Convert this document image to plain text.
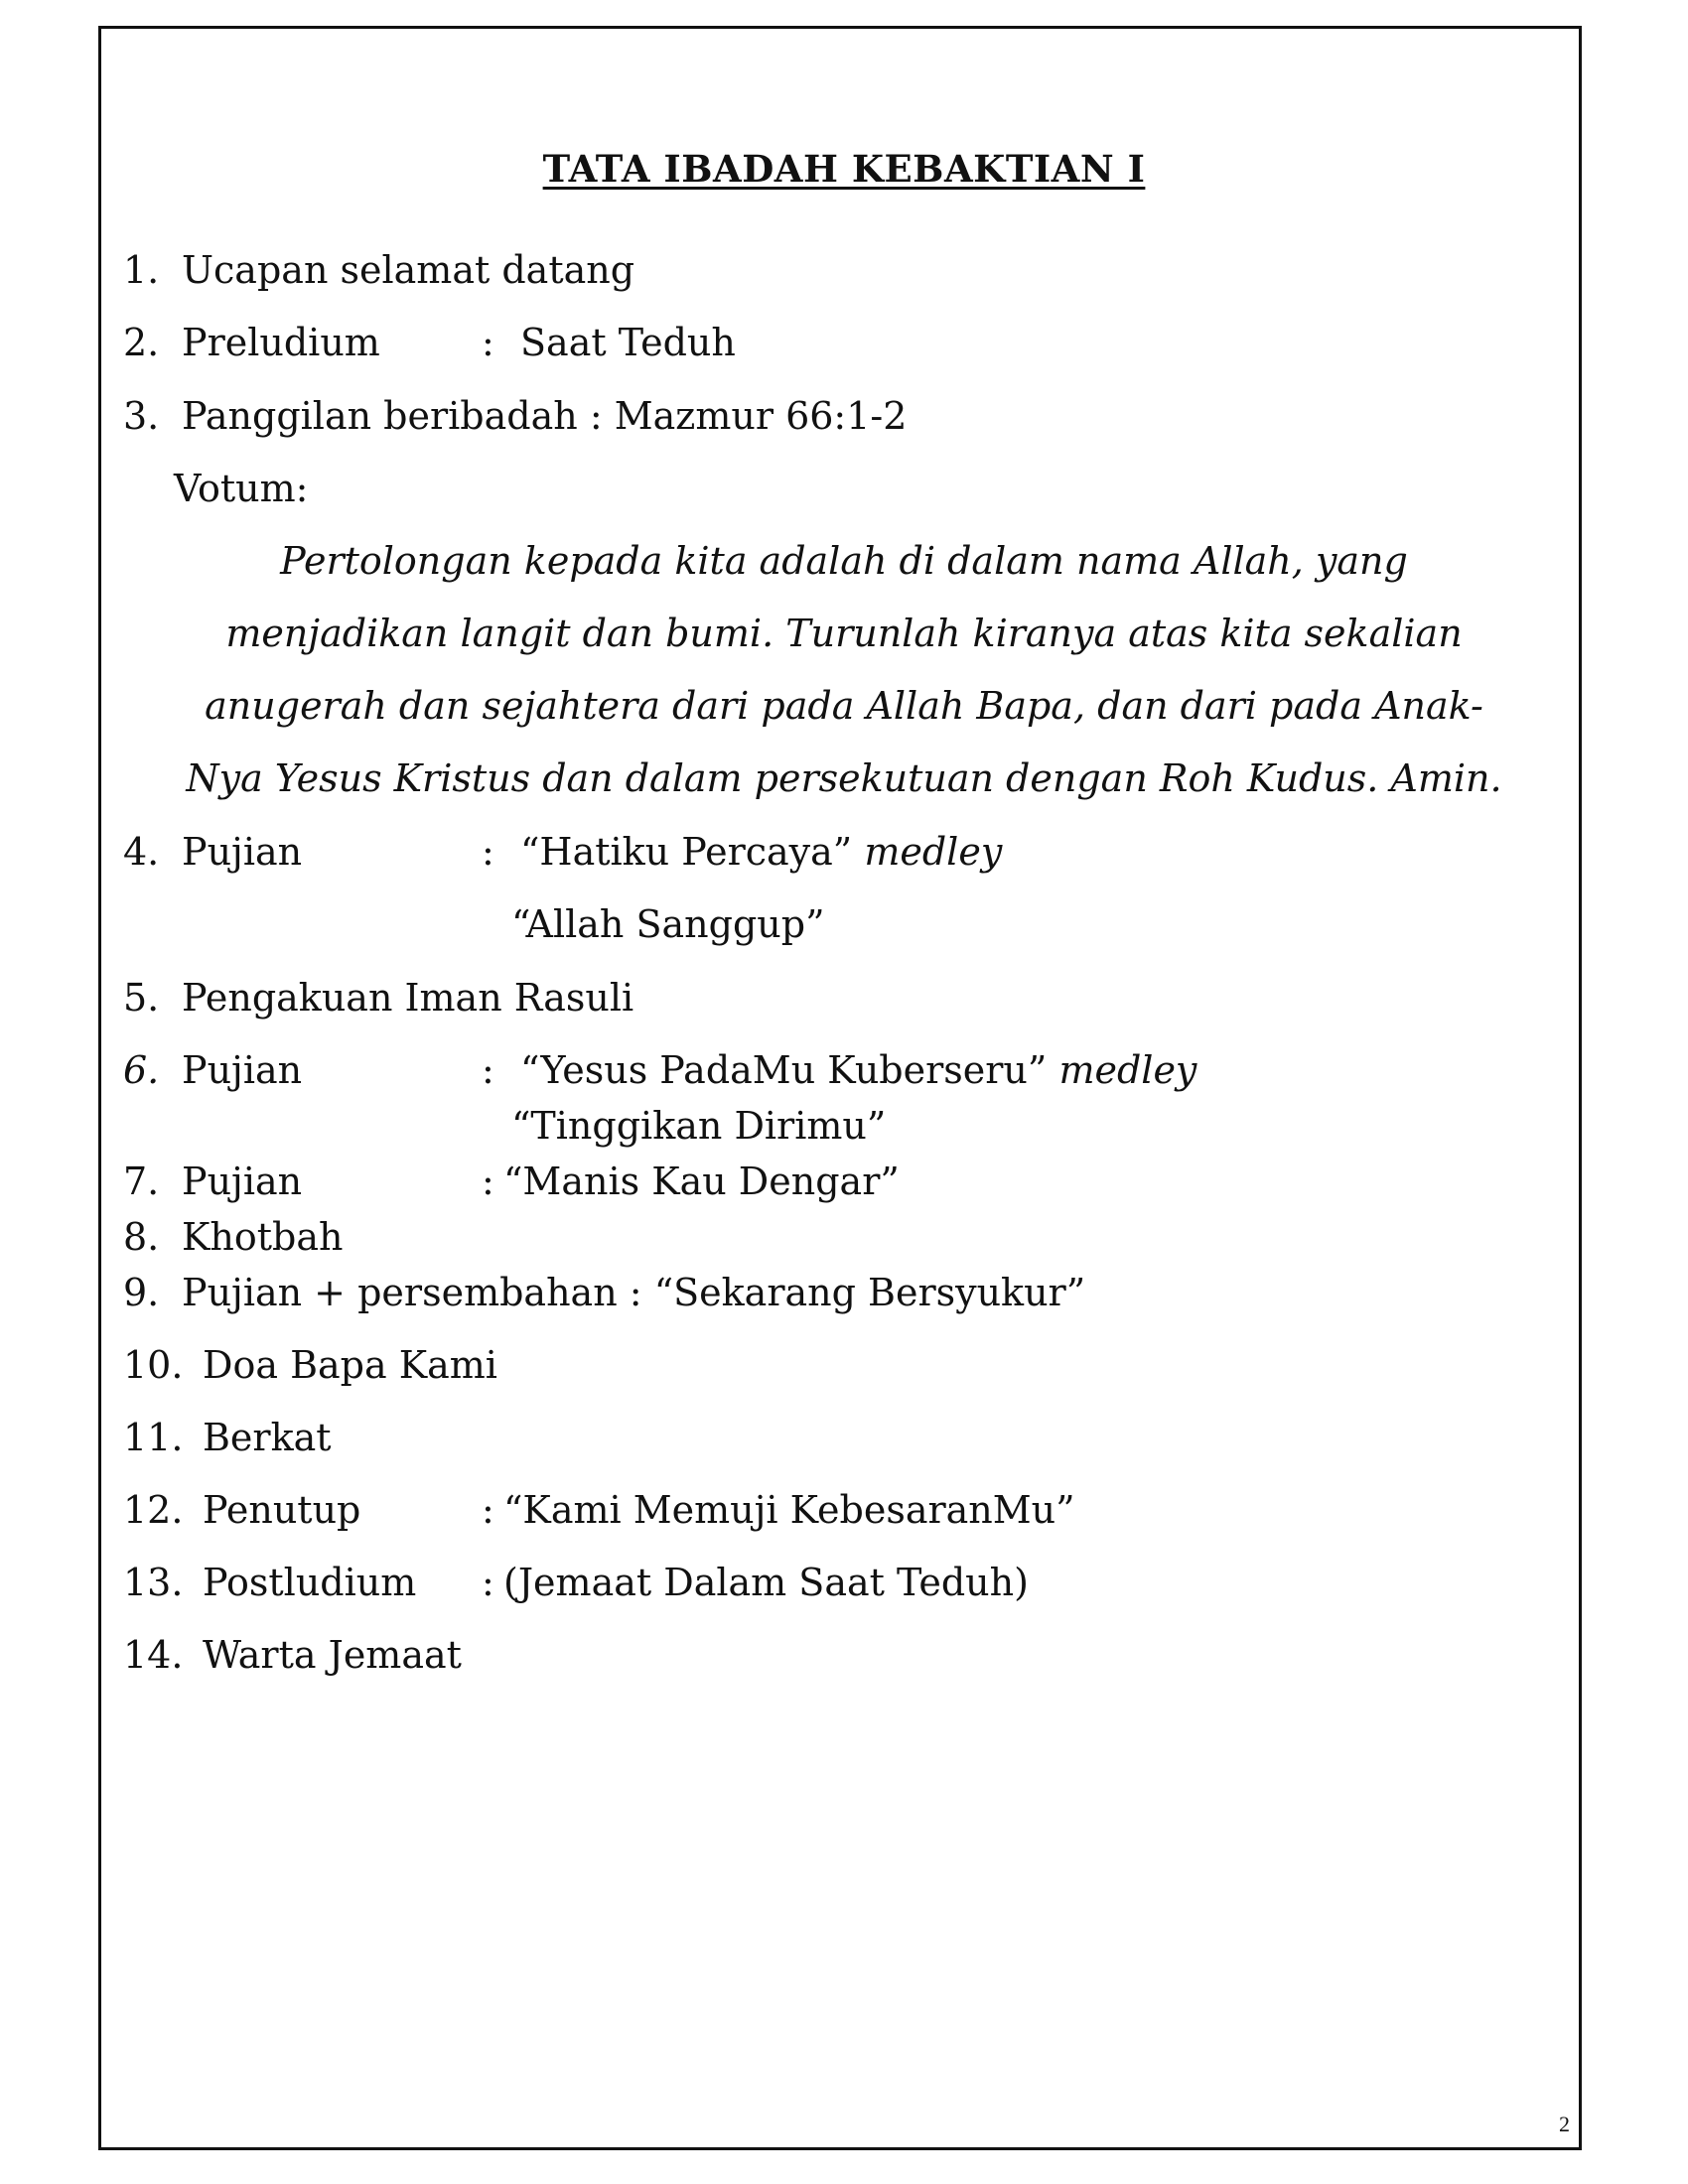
TATA IBADAH KEBAKTIAN I
1. Ucapan selamat datang
2. Preludium	: Saat Teduh
3. Panggilan beribadah : Mazmur 66:1-2
Votum:
Pertolongan kepada kita adalah di dalam nama Allah, yang
menjadikan langit dan bumi. Turunlah kiranya atas kita sekalian
anugerah dan sejahtera dari pada Allah Bapa, dan dari pada Anak-
Nya Yesus Kristus dan dalam persekutuan dengan Roh Kudus. Amin.
4. Pujian	: “Hatiku Percaya” medley
“Allah Sanggup”
5. Pengakuan Iman Rasuli
6. Pujian	: “Yesus PadaMu Kuberseru” medley
“Tinggikan Dirimu”
7. Pujian	: “Manis Kau Dengar”
8. Khotbah
9. Pujian + persembahan : “Sekarang Bersyukur”
10. Doa Bapa Kami
11. Berkat
12. Penutup	: “Kami Memuji KebesaranMu”
13. Postludium : (Jemaat Dalam Saat Teduh)
14. Warta Jemaat
2
